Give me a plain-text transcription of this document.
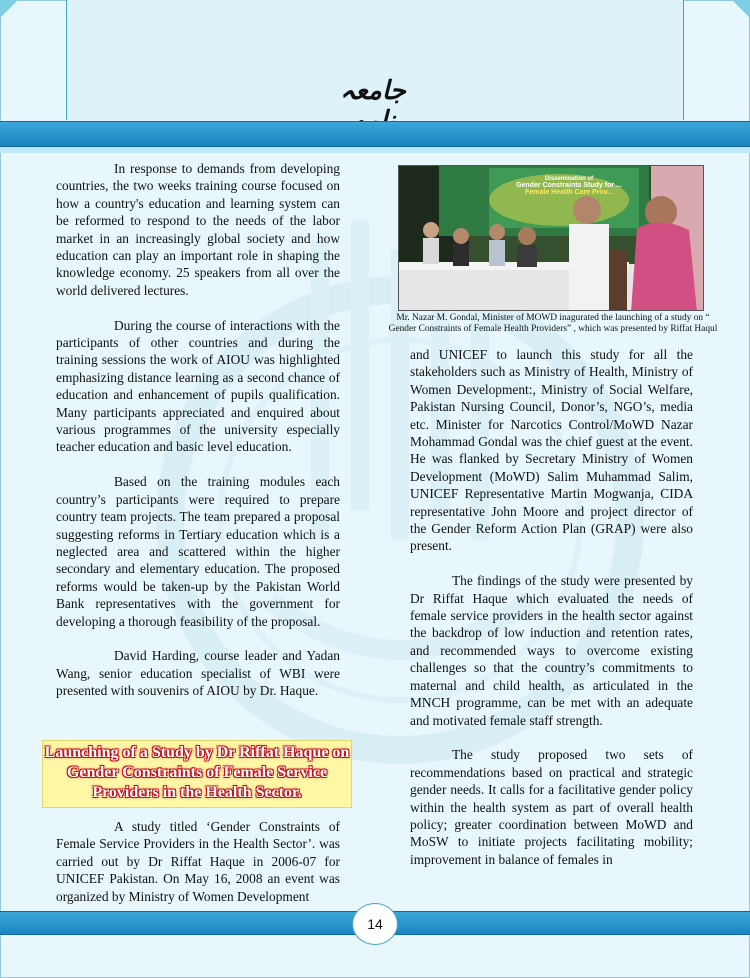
جامعہ

In response to demands from developing countries, the two weeks training course focused on how a country's education and learning system can be reformed to respond to the needs of the labor market in an increasingly global society and how education can play an important role in shaping the knowledge economy. 25 speakers from all over the world delivered lectures.

During the course of interactions with the participants of other countries and during the training sessions the work of AIOU was highlighted emphasizing distance learning as a second chance of education and enhancement of pupils qualification. Many participants appreciated and enquired about various programmes of the university especially teacher education and basic level education.

Based on the training modules each country’s participants were required to prepare country team projects. The team prepared a proposal suggesting reforms in Tertiary education which is a neglected area and scattered within the higher secondary and elementary education. The proposed reforms would be taken-up by the Pakistan World Bank representatives with the government for developing a thorough feasibility of the proposal.

David Harding, course leader and Yadan Wang, senior education specialist of WBI were presented with souvenirs of AIOU by Dr. Haque.

Dissemination of
Gender Constraints Study for ...
Female Health Care Prov...
Mr. Nazar M. Gondal, Minister of MOWD inagurated the launching of a study on “ Gender Constraints of Female Health Providers” , which was presented by Riffat Haqul

and UNICEF to launch this study for all the stakeholders such as Ministry of Health, Ministry of Women Development:, Ministry of Social Welfare, Pakistan Nursing Council, Donor’s, NGO’s, media etc. Minister for Narcotics Control/MoWD Nazar Mohammad Gondal was the chief guest at the event. He was flanked by Secretary Ministry of Women Development (MoWD) Salim Muhammad Salim, UNICEF Representative Martin Mogwanja, CIDA representative John Moore and project director of the Gender Reform Action Plan (GRAP) were also present.

The findings of the study were presented by Dr Riffat Haque which evaluated the needs of female service providers in the health sector against the backdrop of low induction and retention rates, and recommended ways to overcome existing challenges so that the country’s commitments to maternal and child health, as articulated in the MNCH programme, can be met with an adequate and motivated female staff strength.

The study proposed two sets of recommendations based on practical and strategic gender needs. It calls for a facilitative gender policy within the health system as part of overall health policy; greater coordination between MoWD and MoSW to initiate projects facilitating mobility; improvement in balance of females in

Launching of a Study by Dr Riffat Haque on Gender Constraints of Female Service Providers in the Health Sector.

A study titled ‘Gender Constraints of Female Service Providers in the Health Sector’. was carried out by Dr Riffat Haque in 2006-07 for UNICEF Pakistan. On May 16, 2008 an event was organized by Ministry of Women Development

14
